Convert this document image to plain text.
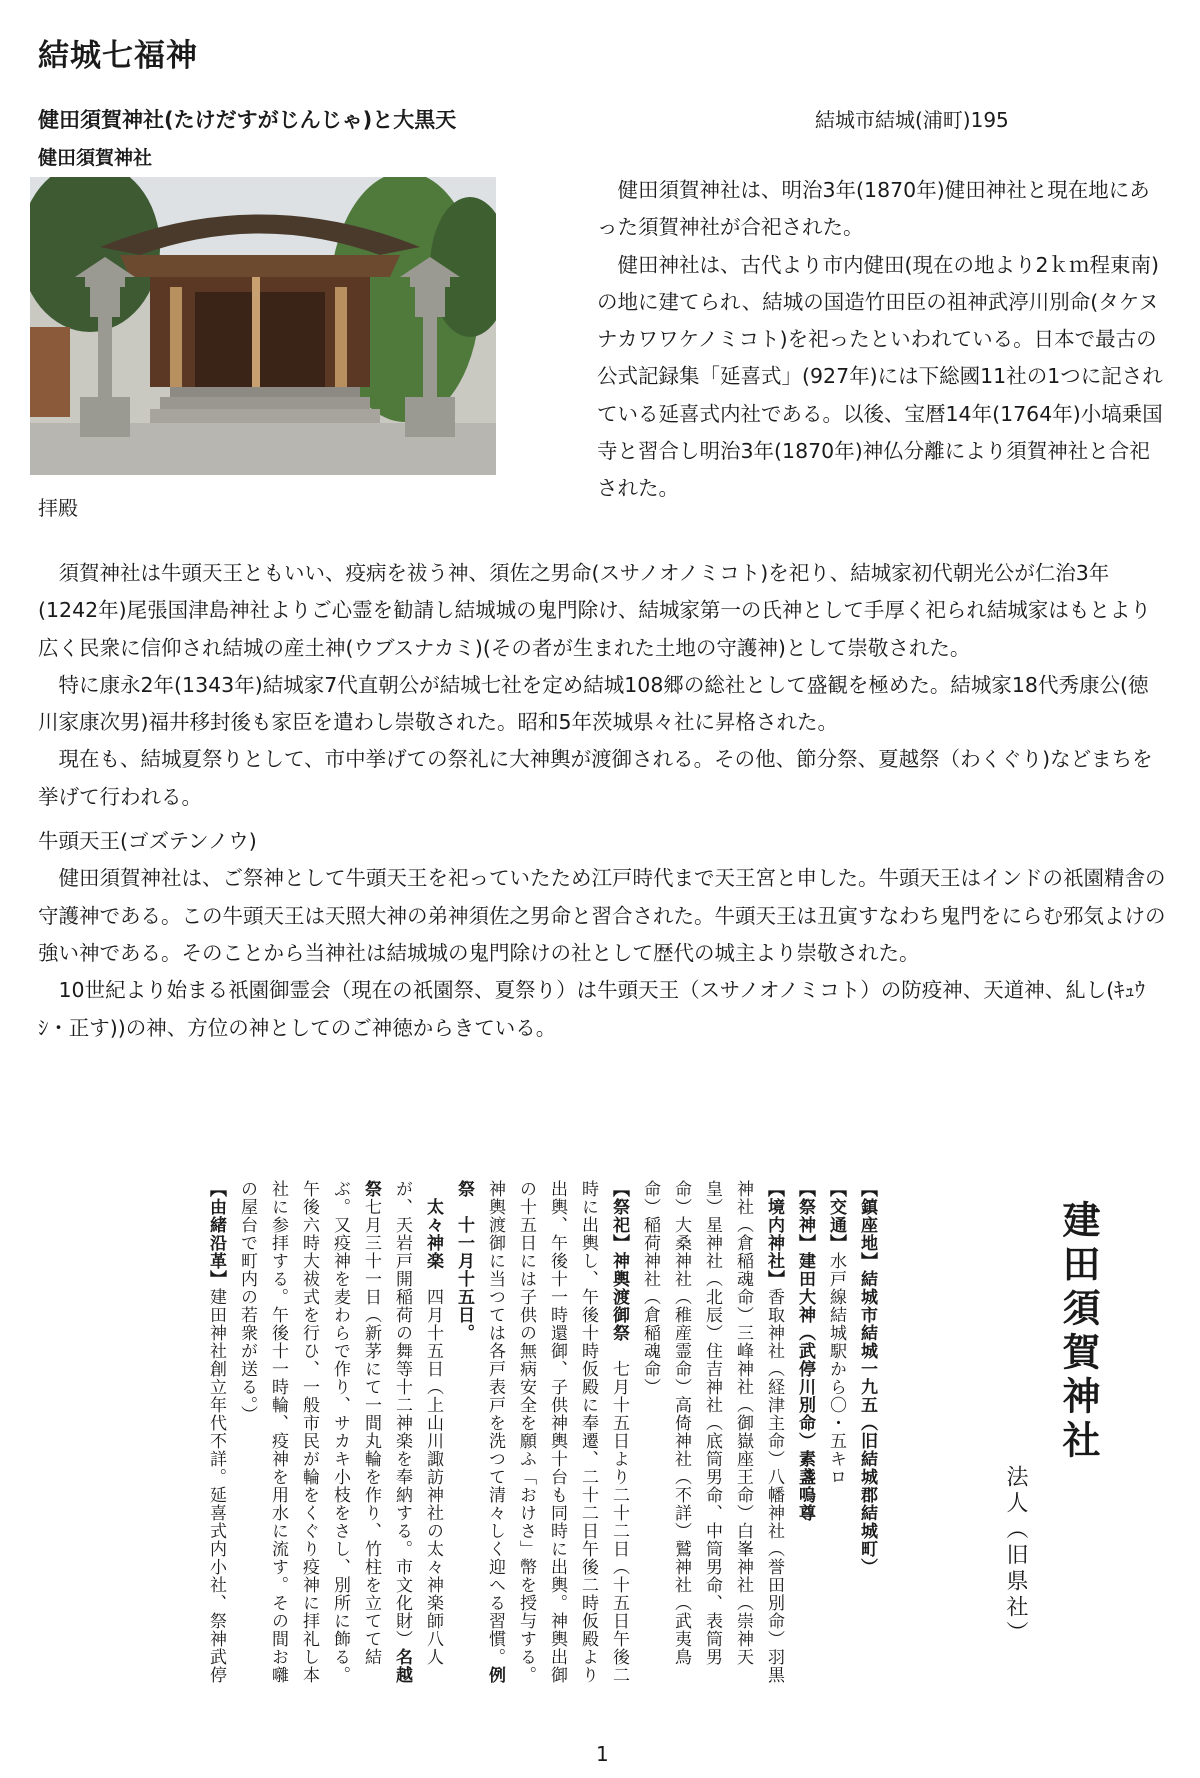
結城七福神
健田須賀神社(たけだすがじんじゃ)と大黒天	結城市結城(浦町)195
健田須賀神社
拝殿

健田須賀神社は、明治3年(1870年)健田神社と現在地にあった須賀神社が合祀された。

健田神社は、古代より市内健田(現在の地より2ｋｍ程東南)の地に建てられ、結城の国造竹田臣の祖神武渟川別命(タケヌナカワワケノミコト)を祀ったといわれている。日本で最古の公式記録集「延喜式」(927年)には下総國11社の1つに記されている延喜式内社である。以後、宝暦14年(1764年)小塙乗国寺と習合し明治3年(1870年)神仏分離により須賀神社と合祀された。

須賀神社は牛頭天王ともいい、疫病を祓う神、須佐之男命(スサノオノミコト)を祀り、結城家初代朝光公が仁治3年(1242年)尾張国津島神社よりご心霊を勧請し結城城の鬼門除け、結城家第一の氏神として手厚く祀られ結城家はもとより広く民衆に信仰され結城の産土神(ウブスナカミ)(その者が生まれた土地の守護神)として崇敬された。

特に康永2年(1343年)結城家7代直朝公が結城七社を定め結城108郷の総社として盛観を極めた。結城家18代秀康公(徳川家康次男)福井移封後も家臣を遣わし崇敬された。昭和5年茨城県々社に昇格された。

現在も、結城夏祭りとして、市中挙げての祭礼に大神輿が渡御される。その他、節分祭、夏越祭（わくぐり)などまちを挙げて行われる。

牛頭天王(ゴズテンノウ)

健田須賀神社は、ご祭神として牛頭天王を祀っていたため江戸時代まで天王宮と申した。牛頭天王はインドの祇園精舎の守護神である。この牛頭天王は天照大神の弟神須佐之男命と習合された。牛頭天王は丑寅すなわち鬼門をにらむ邪気よけの強い神である。そのことから当神社は結城城の鬼門除けの社として歴代の城主より崇敬された。

10世紀より始まる祇園御霊会（現在の祇園祭、夏祭り）は牛頭天王（スサノオノミコト）の防疫神、天道神、糺し(ｷｭｳｼ・正す))の神、方位の神としてのご神徳からきている。

建田須賀神社
法人（旧県社）

【鎮座地】結城市結城一九五（旧結城郡結城町）

【交通】水戸線結城駅から〇・五キロ

【祭神】建田大神（武停川別命）素盞嗚尊

【境内神社】香取神社（経津主命）八幡神社（誉田別命）羽黒神社（倉稲魂命）三峰神社（御嶽座王命）白峯神社（崇神天皇）星神社（北辰）住吉神社（底筒男命、中筒男命、表筒男命）大桑神社（稚産霊命）高倚神社（不詳）鷲神社（武夷鳥命）稲荷神社（倉稲魂命）

【祭祀】神輿渡御祭　七月十五日より二十二日（十五日午後二時に出輿し、午後十時仮殿に奉遷、二十二日午後二時仮殿より出輿、午後十一時還御、子供神輿十台も同時に出輿。神輿出御の十五日には子供の無病安全を願ふ「おけさ」幣を授与する。神輿渡御に当つては各戸表戸を洗つて清々しく迎へる習慣。例祭　十一月十五日。

　太々神楽　四月十五日（上山川諏訪神社の太々神楽師八人が、天岩戸開稲荷の舞等十二神楽を奉納する。市文化財）名越祭七月三十一日（新茅にて一間丸輪を作り、竹柱を立てて結ぶ。又疫神を麦わらで作り、サカキ小枝をさし、別所に飾る。午後六時大祓式を行ひ、一般市民が輪をくぐり疫神に拝礼し本社に参拝する。午後十一時輪、疫神を用水に流す。その間お囃の屋台で町内の若衆が送る。）

【由緒沿革】建田神社創立年代不詳。延喜式内小社、祭神武停

1
